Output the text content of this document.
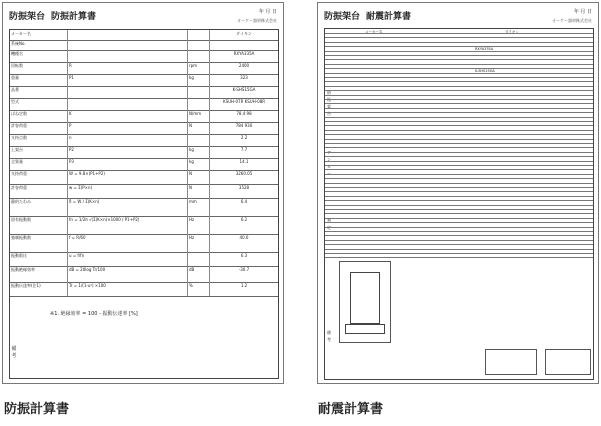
防振架台 防振計算書	年 月 日
オーケー器材株式会社
メーカー名	ダイキン
系統No.
機種名	RXYA335A
回転数	R	rpm	2400
重量	P1	kg	323
品番	K-SHS15GA
型式	KSUH-07R KSUH-08R
ばね定数	K	N/mm	78.4 98
許容荷重	P	N	784 930
支持点数	n	2 2
上架台	P2	kg	7.7
全質量	P3	kg	14.1
支持荷重	W = 9.8×(P1+P2)	N	3260.05
許容荷重	w = Σ(P×n)	N	3528
静的たわみ	δ = W / Σ(K×n)	mm	6.4
固有振動数	fn = 1/2π √(Σ(K×n)×1000 / P1+P2)	Hz	6.2
強制振動数	f = R/60	Hz	40.0
振動数比	u = f/fn	6.3
振動絶縁効率	dB = 20log Tr/100	dB	-30.7
振動伝達率(注1)	Tr = 1/(1-u²) ×100	%	1.2
※1. 絶縁効率 = 100 - 振動伝達率 [%]
備考
防振架台 耐震計算書	年 月 日
オーケー器材株式会社
メーカー名	ダイキン
RXYA335A
K-SHS15GA
防振架台
アンカー
判定
備考
防振計算書	耐震計算書
